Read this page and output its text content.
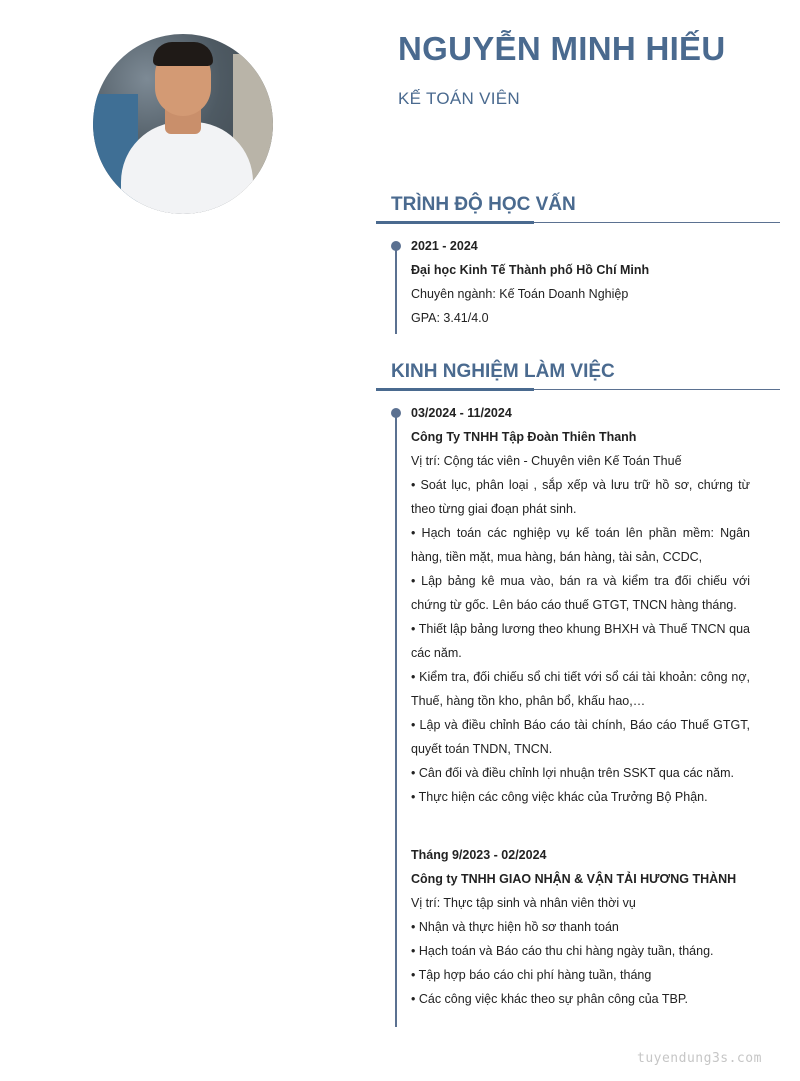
NGUYỄN MINH HIẾU
KẾ TOÁN VIÊN
TRÌNH ĐỘ HỌC VẤN
2021 - 2024
Đại học Kinh Tế Thành phố Hồ Chí Minh
Chuyên ngành: Kế Toán Doanh Nghiệp
GPA: 3.41/4.0
KINH NGHIỆM LÀM VIỆC
03/2024 - 11/2024
Công Ty TNHH Tập Đoàn Thiên Thanh
Vị trí: Cộng tác viên - Chuyên viên Kế Toán Thuế
• Soát lục, phân loại , sắp xếp và lưu trữ hồ sơ, chứng từ theo từng giai đoạn phát sinh.
• Hạch toán các nghiệp vụ kế toán lên phần mềm: Ngân hàng, tiền mặt, mua hàng, bán hàng, tài sản, CCDC,
• Lập bảng kê mua vào, bán ra và kiểm tra đối chiếu với chứng từ gốc. Lên báo cáo thuế GTGT, TNCN hàng tháng.
• Thiết lập bảng lương theo khung BHXH và Thuế TNCN qua các năm.
• Kiểm tra, đối chiếu sổ chi tiết với sổ cái tài khoản: công nợ, Thuế, hàng tồn kho, phân bổ, khấu hao,…
• Lập và điều chỉnh Báo cáo tài chính, Báo cáo Thuế GTGT, quyết toán TNDN, TNCN.
• Cân đối và điều chỉnh lợi nhuận trên SSKT qua các năm.
• Thực hiện các công việc khác của Trưởng Bộ Phận.
Tháng 9/2023 - 02/2024
Công ty TNHH GIAO NHẬN & VẬN TẢI HƯƠNG THÀNH
Vị trí: Thực tập sinh và nhân viên thời vụ
• Nhận và thực hiện hồ sơ thanh toán
• Hạch toán và Báo cáo thu chi hàng ngày tuần, tháng.
• Tập hợp báo cáo chi phí hàng tuần, tháng
• Các công việc khác theo sự phân công của TBP.
tuyendung3s.com
